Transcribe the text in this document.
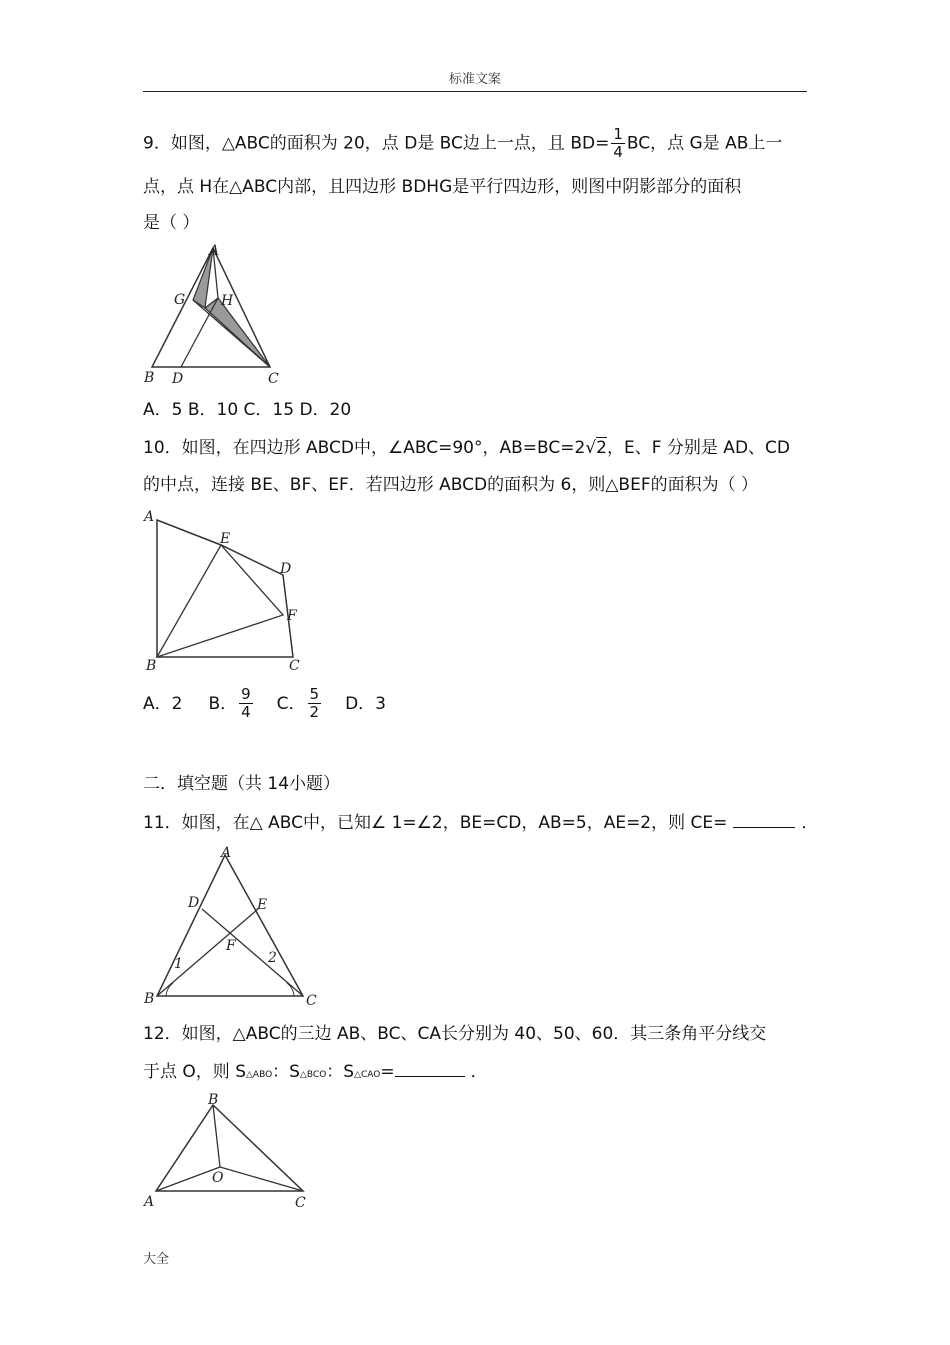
标准文案
9．如图，△ABC的面积为 20，点 D是 BC边上一点，且 $BD= \frac{1}{4}$ BC，点 G是 AB上一
点，点 H在△ABC内部，且四边形 BDHG是平行四边形，则图中阴影部分的面积
是（ ）
A
G	H
B D	C
A．5 B．10 C．15 D．20
10．如图，在四边形 ABCD中，∠ABC=90°，AB=BC=2√2，E、F 分别是 AD、CD
的中点，连接 BE、BF、EF．若四边形 ABCD的面积为 6，则△BEF的面积为（ ）
A
E
D
F
B	C
A．2 B． $\frac{9}{4}$ C． $\frac{5}{2}$ D．3
二．填空题（共 14小题）
11．如图，在△ ABC中，已知∠ 1=∠2，BE=CD，AB=5，AE=2，则 CE=	．
A
D	E
F
1	2
B	C
12．如图，△ABC的三边 AB、BC、CA长分别为 40、50、60．其三条角平分线交
于点 O，则 S△ABO：S△BCO：S△CAO=	．
B
O
A	C
大全
